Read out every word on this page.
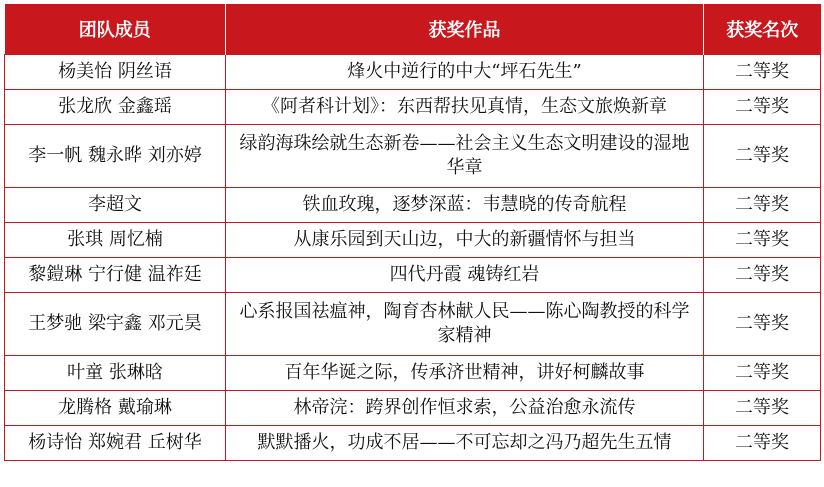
团队成员	获奖作品	获奖名次
杨美怡 阴丝语	烽火中逆行的中大“坪石先生”	二等奖
张龙欣 金鑫瑶	《阿者科计划》：东西帮扶见真情，生态文旅焕新章	二等奖
李一帆 魏永晔 刘亦婷	绿韵海珠绘就生态新卷——社会主义生态文明建设的湿地华章	二等奖
李超文	铁血玫瑰，逐梦深蓝：韦慧晓的传奇航程	二等奖
张琪 周忆楠	从康乐园到天山边，中大的新疆情怀与担当	二等奖
黎鎧琳 宁行健 温祚廷	四代丹霞 魂铸红岩	二等奖
王梦驰 梁宇鑫 邓元昊	心系报国祛瘟神，陶育杏林献人民——陈心陶教授的科学家精神	二等奖
叶童 张琳晗	百年华诞之际，传承济世精神，讲好柯麟故事	二等奖
龙腾格 戴瑜琳	林帝浣：跨界创作恒求索，公益治愈永流传	二等奖
杨诗怡 郑婉君 丘树华	默默播火，功成不居——不可忘却之冯乃超先生五情	二等奖
